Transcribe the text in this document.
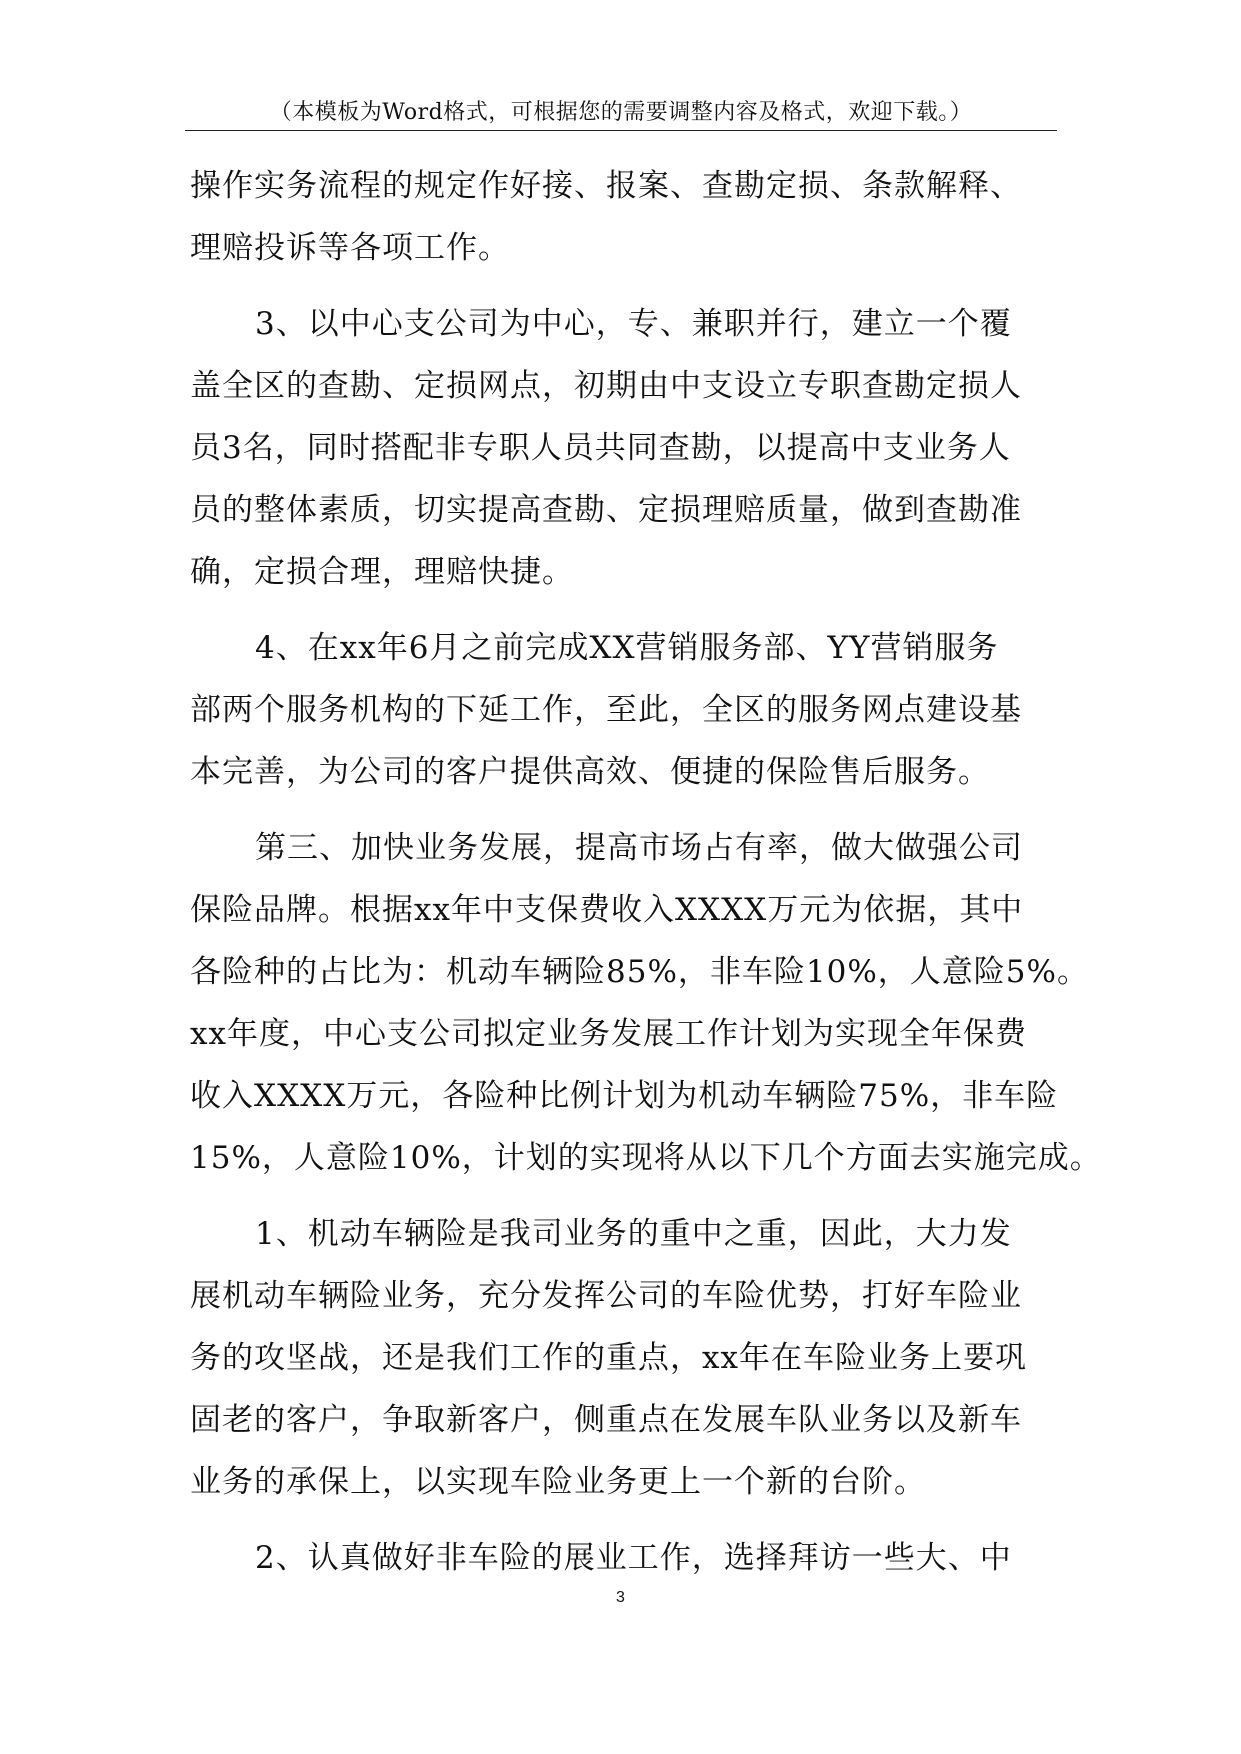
（本模板为Word格式，可根据您的需要调整内容及格式，欢迎下载。）
操作实务流程的规定作好接、报案、查勘定损、条款解释、
理赔投诉等各项工作。
3、以中心支公司为中心，专、兼职并行，建立一个覆
盖全区的查勘、定损网点，初期由中支设立专职查勘定损人
员3名，同时搭配非专职人员共同查勘，以提高中支业务人
员的整体素质，切实提高查勘、定损理赔质量，做到查勘准
确，定损合理，理赔快捷。
4、在xx年6月之前完成XX营销服务部、YY营销服务
部两个服务机构的下延工作，至此，全区的服务网点建设基
本完善，为公司的客户提供高效、便捷的保险售后服务。
第三、加快业务发展，提高市场占有率，做大做强公司
保险品牌。根据xx年中支保费收入XXXX万元为依据，其中
各险种的占比为：机动车辆险85%，非车险10%，人意险5%。
xx年度，中心支公司拟定业务发展工作计划为实现全年保费
收入XXXX万元，各险种比例计划为机动车辆险75%，非车险
15%，人意险10%，计划的实现将从以下几个方面去实施完成。
1、机动车辆险是我司业务的重中之重，因此，大力发
展机动车辆险业务，充分发挥公司的车险优势，打好车险业
务的攻坚战，还是我们工作的重点，xx年在车险业务上要巩
固老的客户，争取新客户，侧重点在发展车队业务以及新车
业务的承保上，以实现车险业务更上一个新的台阶。
2、认真做好非车险的展业工作，选择拜访一些大、中
3
